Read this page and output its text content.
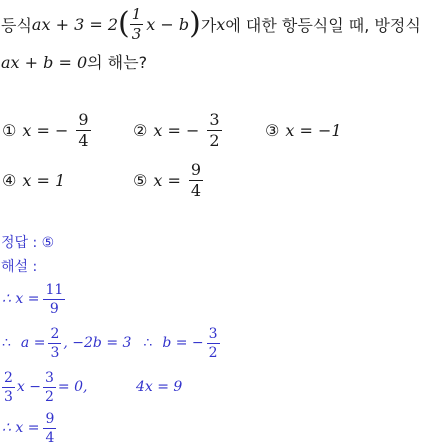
등식 ax + 3 = 2 ( $\frac{1}{3}$ x − b ) 가 x 에 대한 항등식일 때, 방정식
ax + b = 0의 해는?
① x = − $\frac{9}{4}$	② x = − $\frac{3}{2}$	③ x = −1
④ x = 1	⑤ $x = \frac{9}{4}$
정답 : ⑤
해설 :
∴ $x = \frac{11}{9}$
∴ $a = \frac{2}{3}$ , −2b = 3 ∴ b = − $\frac{3}{2}$
$\frac{2}{3}$ $x - \frac{3}{2} = 0$,	4x = 9
∴ $x = \frac{9}{4}$
